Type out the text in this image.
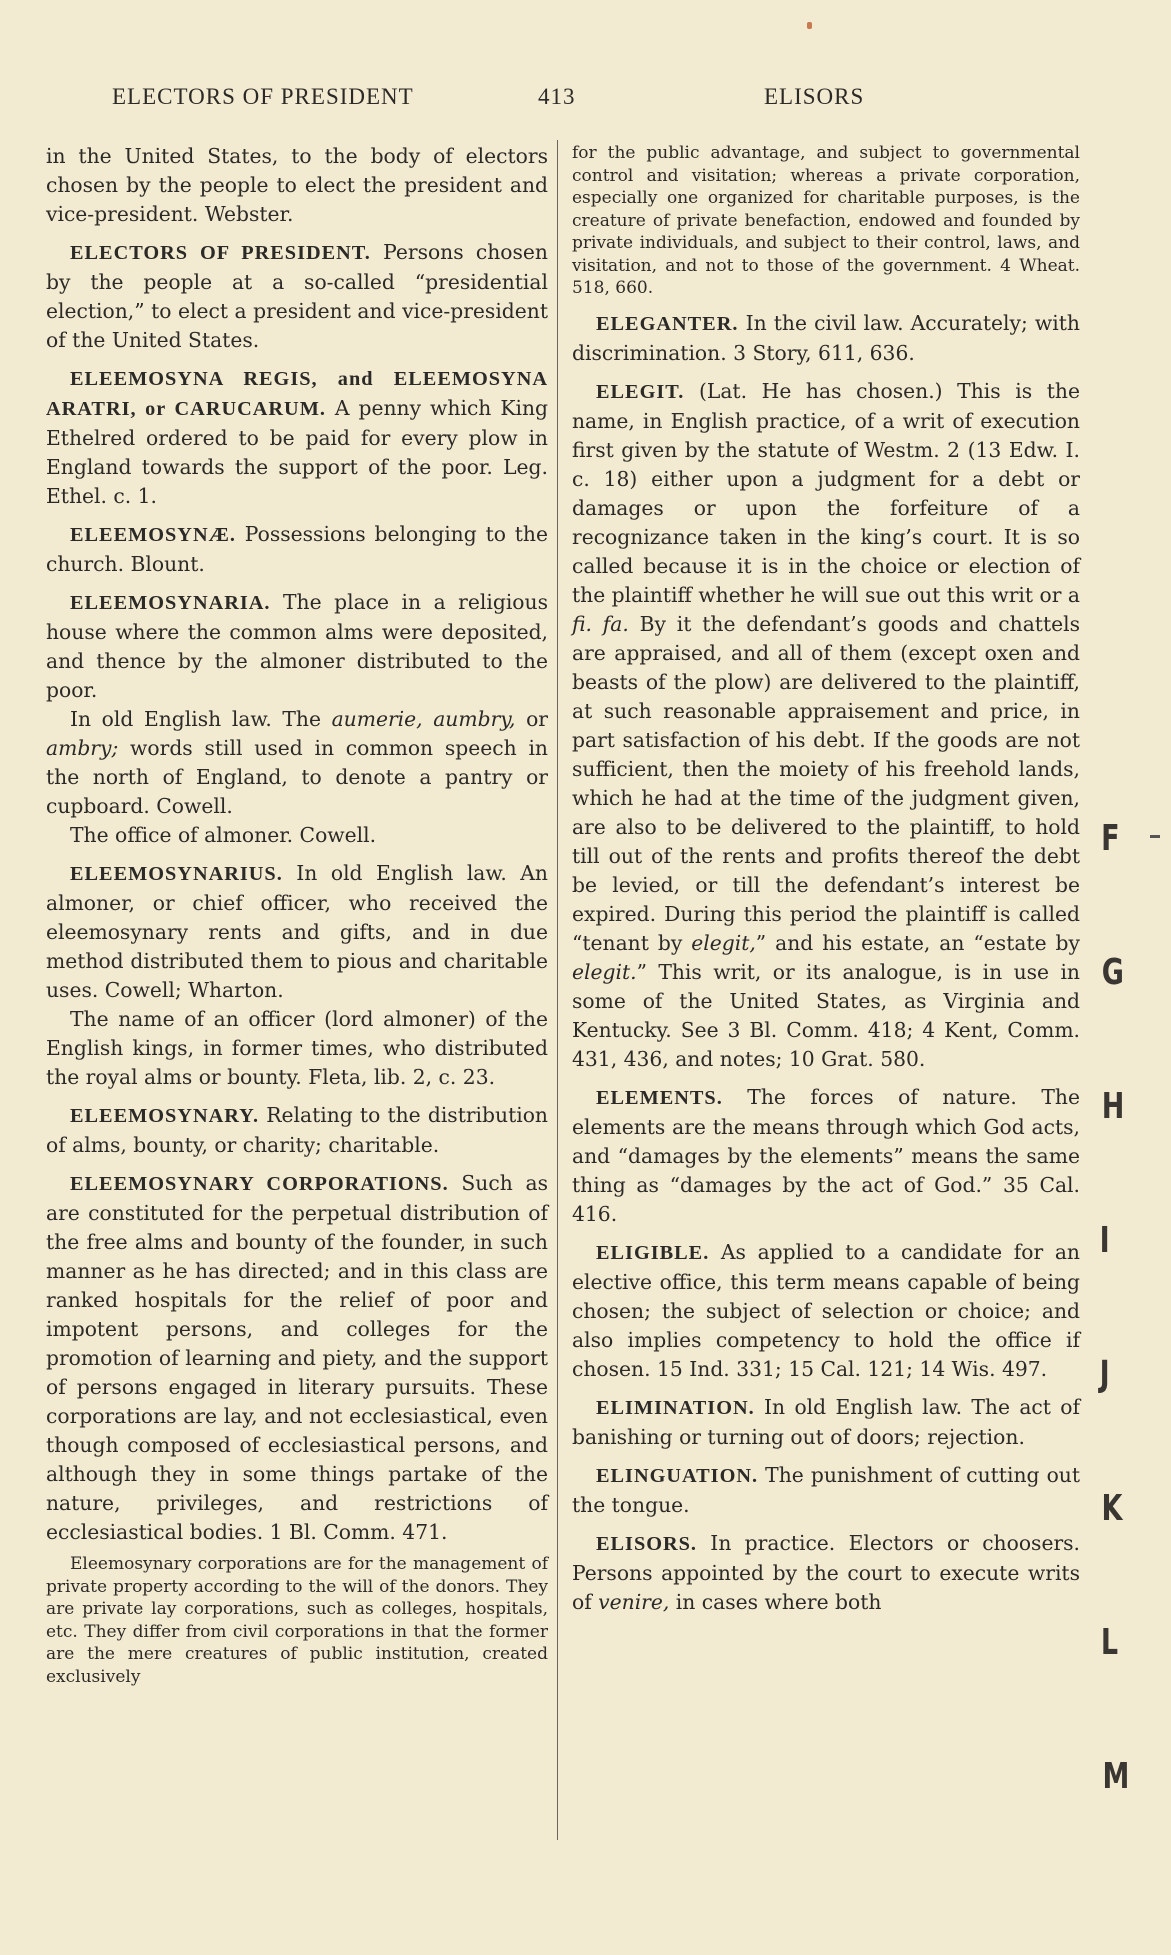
ELECTORS OF PRESIDENT	413	ELISORS

in the United States, to the body of electors chosen by the people to elect the president and vice-president. Webster.

ELECTORS OF PRESIDENT. Persons chosen by the people at a so-called “presidential election,” to elect a president and vice-president of the United States.

ELEEMOSYNA REGIS, and ELEEMOSYNA ARATRI, or CARUCARUM. A penny which King Ethelred ordered to be paid for every plow in England towards the support of the poor. Leg. Ethel. c. 1.

ELEEMOSYNÆ. Possessions belonging to the church. Blount.

ELEEMOSYNARIA. The place in a religious house where the common alms were deposited, and thence by the almoner distributed to the poor.

In old English law. The aumerie, aumbry, or ambry; words still used in common speech in the north of England, to denote a pantry or cupboard. Cowell.

The office of almoner. Cowell.

ELEEMOSYNARIUS. In old English law. An almoner, or chief officer, who received the eleemosynary rents and gifts, and in due method distributed them to pious and charitable uses. Cowell; Wharton.

The name of an officer (lord almoner) of the English kings, in former times, who distributed the royal alms or bounty. Fleta, lib. 2, c. 23.

ELEEMOSYNARY. Relating to the distribution of alms, bounty, or charity; charitable.

ELEEMOSYNARY CORPORATIONS. Such as are constituted for the perpetual distribution of the free alms and bounty of the founder, in such manner as he has directed; and in this class are ranked hospitals for the relief of poor and impotent persons, and colleges for the promotion of learning and piety, and the support of persons engaged in literary pursuits. These corporations are lay, and not ecclesiastical, even though composed of ecclesiastical persons, and although they in some things partake of the nature, privileges, and restrictions of ecclesiastical bodies. 1 Bl. Comm. 471.

Eleemosynary corporations are for the management of private property according to the will of the donors. They are private lay corporations, such as colleges, hospitals, etc. They differ from civil corporations in that the former are the mere creatures of public institution, created exclusively

for the public advantage, and subject to governmental control and visitation; whereas a private corporation, especially one organized for charitable purposes, is the creature of private benefaction, endowed and founded by private individuals, and subject to their control, laws, and visitation, and not to those of the government. 4 Wheat. 518, 660.

ELEGANTER. In the civil law. Accurately; with discrimination. 3 Story, 611, 636.

ELEGIT. (Lat. He has chosen.) This is the name, in English practice, of a writ of execution first given by the statute of Westm. 2 (13 Edw. I. c. 18) either upon a judgment for a debt or damages or upon the forfeiture of a recognizance taken in the king’s court. It is so called because it is in the choice or election of the plaintiff whether he will sue out this writ or a fi. fa. By it the defendant’s goods and chattels are appraised, and all of them (except oxen and beasts of the plow) are delivered to the plaintiff, at such reasonable appraisement and price, in part satisfaction of his debt. If the goods are not sufficient, then the moiety of his freehold lands, which he had at the time of the judgment given, are also to be delivered to the plaintiff, to hold till out of the rents and profits thereof the debt be levied, or till the defendant’s interest be expired. During this period the plaintiff is called “tenant by elegit,” and his estate, an “estate by elegit.” This writ, or its analogue, is in use in some of the United States, as Virginia and Kentucky. See 3 Bl. Comm. 418; 4 Kent, Comm. 431, 436, and notes; 10 Grat. 580.

ELEMENTS. The forces of nature. The elements are the means through which God acts, and “damages by the elements” means the same thing as “damages by the act of God.” 35 Cal. 416.

ELIGIBLE. As applied to a candidate for an elective office, this term means capable of being chosen; the subject of selection or choice; and also implies competency to hold the office if chosen. 15 Ind. 331; 15 Cal. 121; 14 Wis. 497.

ELIMINATION. In old English law. The act of banishing or turning out of doors; rejection.

ELINGUATION. The punishment of cutting out the tongue.

ELISORS. In practice. Electors or choosers. Persons appointed by the court to execute writs of venire, in cases where both

F
G
H
I
J
K
L
M
